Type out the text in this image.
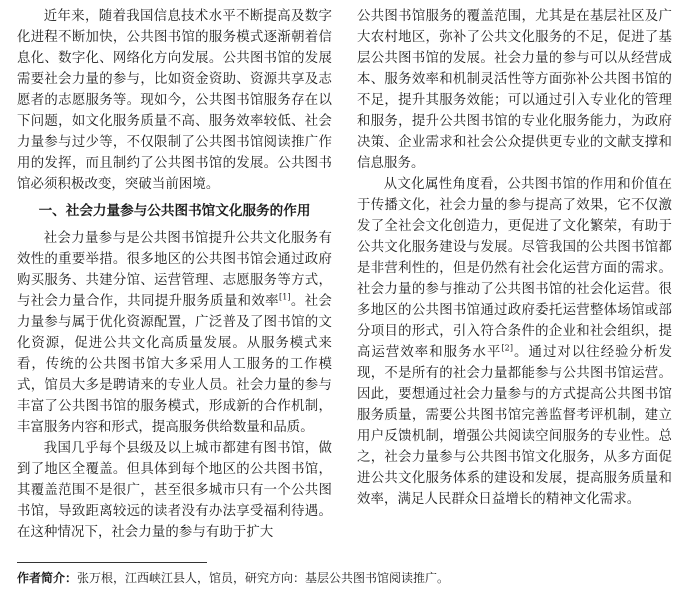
近年来，随着我国信息技术水平不断提高及数字化进程不断加快，公共图书馆的服务模式逐渐朝着信息化、数字化、网络化方向发展。公共图书馆的发展需要社会力量的参与，比如资金资助、资源共享及志愿者的志愿服务等。现如今，公共图书馆服务存在以下问题，如文化服务质量不高、服务效率较低、社会力量参与过少等，不仅限制了公共图书馆阅读推广作用的发挥，而且制约了公共图书馆的发展。公共图书馆必须积极改变，突破当前困境。

一、社会力量参与公共图书馆文化服务的作用

社会力量参与是公共图书馆提升公共文化服务有效性的重要举措。很多地区的公共图书馆会通过政府购买服务、共建分馆、运营管理、志愿服务等方式，与社会力量合作，共同提升服务质量和效率[1]。社会力量参与属于优化资源配置，广泛普及了图书馆的文化资源，促进公共文化高质量发展。从服务模式来看，传统的公共图书馆大多采用人工服务的工作模式，馆员大多是聘请来的专业人员。社会力量的参与丰富了公共图书馆的服务模式，形成新的合作机制，丰富服务内容和形式，提高服务供给数量和品质。

我国几乎每个县级及以上城市都建有图书馆，做到了地区全覆盖。但具体到每个地区的公共图书馆，其覆盖范围不是很广，甚至很多城市只有一个公共图书馆，导致距离较远的读者没有办法享受福利待遇。在这种情况下，社会力量的参与有助于扩大

公共图书馆服务的覆盖范围，尤其是在基层社区及广大农村地区，弥补了公共文化服务的不足，促进了基层公共图书馆的发展。社会力量的参与可以从经营成本、服务效率和机制灵活性等方面弥补公共图书馆的不足，提升其服务效能；可以通过引入专业化的管理和服务，提升公共图书馆的专业化服务能力，为政府决策、企业需求和社会公众提供更专业的文献支撑和信息服务。

从文化属性角度看，公共图书馆的作用和价值在于传播文化，社会力量的参与提高了效果，它不仅激发了全社会文化创造力，更促进了文化繁荣，有助于公共文化服务建设与发展。尽管我国的公共图书馆都是非营利性的，但是仍然有社会化运营方面的需求。社会力量的参与推动了公共图书馆的社会化运营。很多地区的公共图书馆通过政府委托运营整体场馆或部分项目的形式，引入符合条件的企业和社会组织，提高运营效率和服务水平[2]。通过对以往经验分析发现，不是所有的社会力量都能参与公共图书馆运营。因此，要想通过社会力量参与的方式提高公共图书馆服务质量，需要公共图书馆完善监督考评机制，建立用户反馈机制，增强公共阅读空间服务的专业性。总之，社会力量参与公共图书馆文化服务，从多方面促进公共文化服务体系的建设和发展，提高服务质量和效率，满足人民群众日益增长的精神文化需求。

作者简介：张万根，江西峡江县人，馆员，研究方向：基层公共图书馆阅读推广。
